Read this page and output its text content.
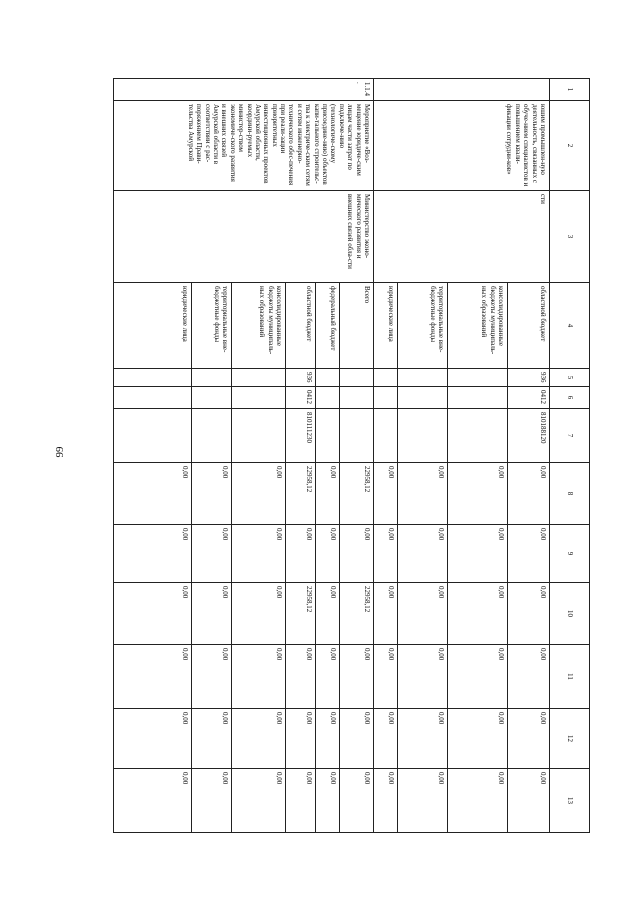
99
1	2	3	4	5	6	7	8	9	10	11	12	13
	юшим промышлен-ную деятельность, связанных с обуче-нием специалистов и повышением квали-фикации сотрудни-ков»	сти	областной бюджет	936	0412	810188120	0,00	0,00	0,00	0,00	0,00	0,00
			консолидированные бюджеты муниципаль-ных образований				0,00	0,00	0,00	0,00	0,00	0,00
			территориальные вне-бюджетные фонды				0,00	0,00	0,00	0,00	0,00	0,00
			юридические лица				0,00	0,00	0,00	0,00	0,00	0,00
1.1.4.	Мероприятие «Воз-мещение юридиче-ским лицам части затрат по подключе-нию (технологиче-скому присоедине-нию) объектов капи-тального строительс-тва к электриче-ским сетям и сетям инженерно-технического обес-печения при реали-зации приоритетных инвестиционных проектов Амурской области, координи-руемых министер-ством экономиче-ского развития и внешних связей Амурской области в соответствии с рас-поряжением Прави-тельства Амурской	Министерство эконо-мического развития и внешних связей обла-сти	Всего				22958,12	0,00	22958,12	0,00	0,00	0,00
			федеральный бюджет				0,00	0,00	0,00	0,00	0,00	0,00
			областной бюджет	936	0412	810111230	22958,12	0,00	22958,12	0,00	0,00	0,00
			консолидированные бюджеты муниципаль-ных образований				0,00	0,00	0,00	0,00	0,00	0,00
			территориальные вне-бюджетные фонды				0,00	0,00	0,00	0,00	0,00	0,00
			юридические лица				0,00	0,00	0,00	0,00	0,00	0,00
